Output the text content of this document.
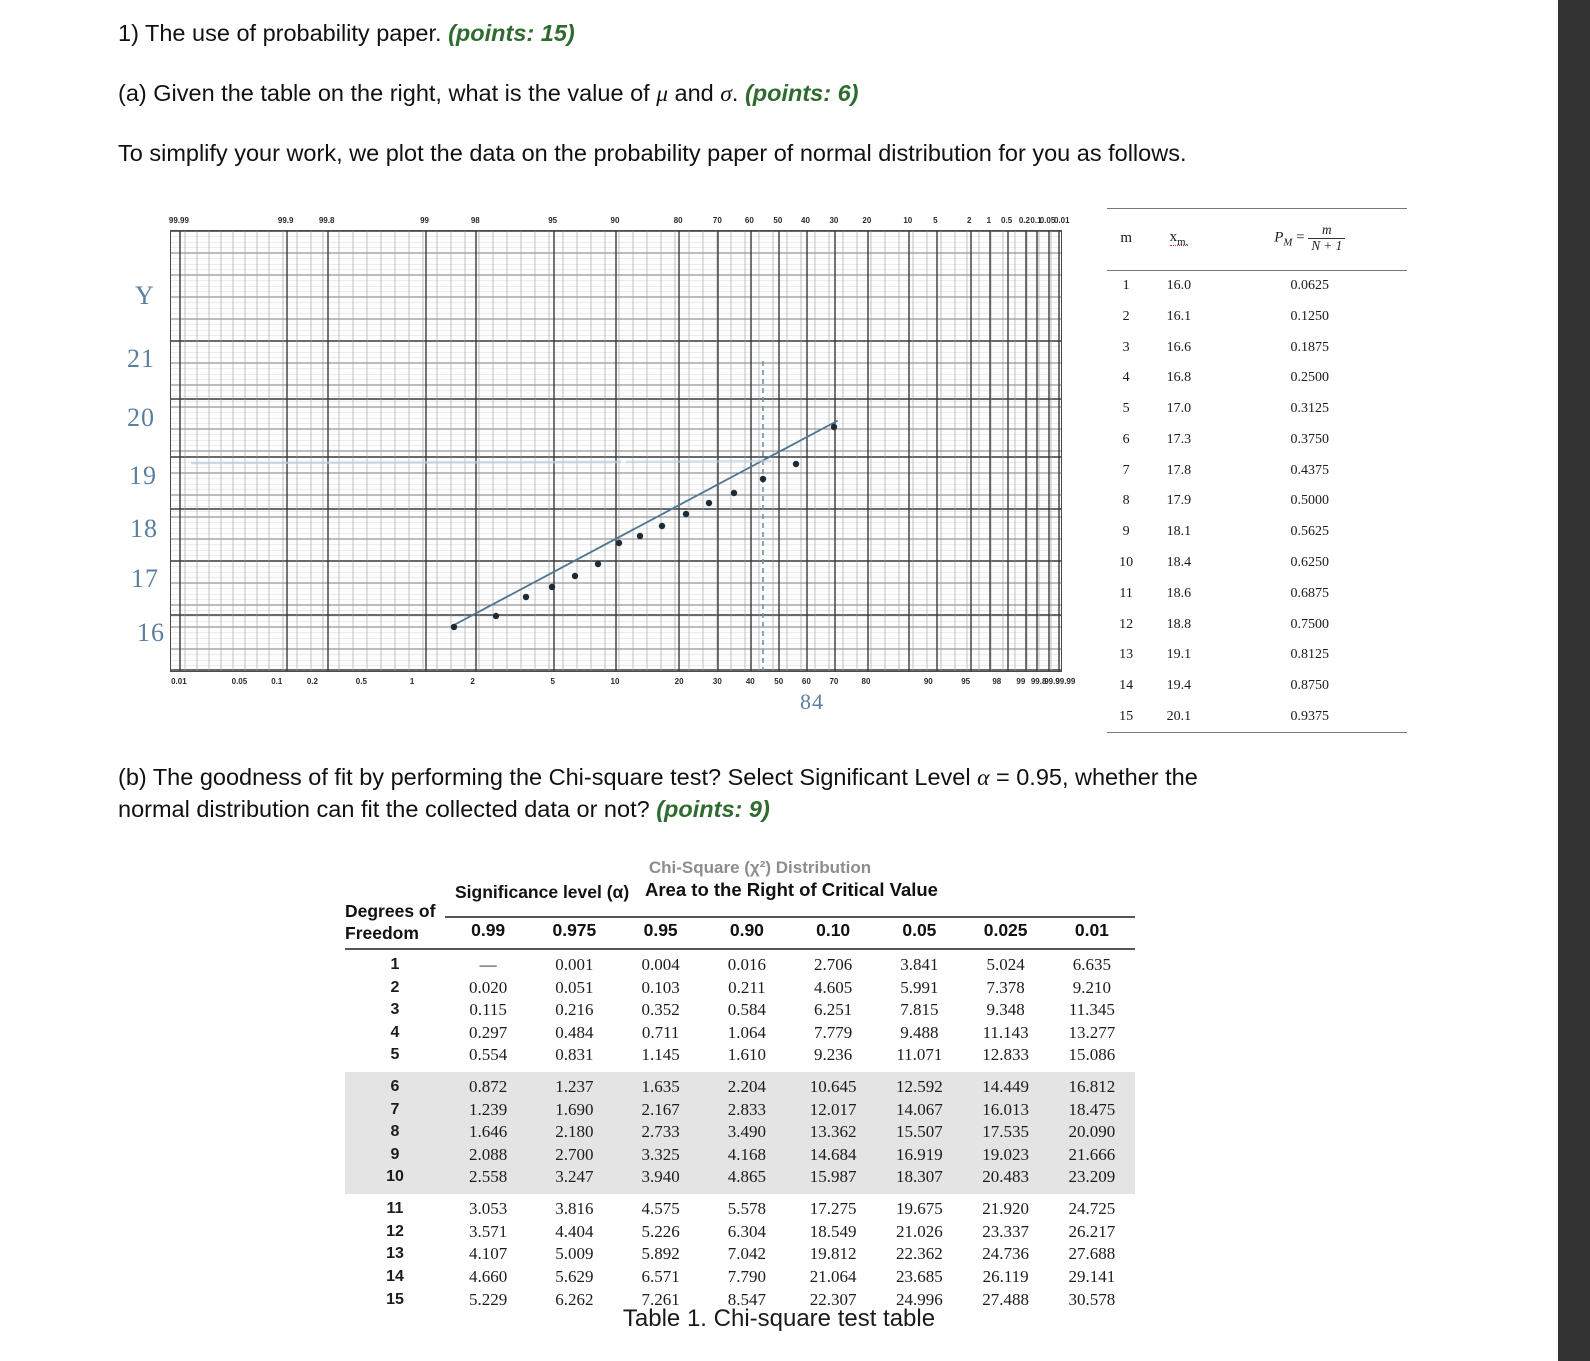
1) The use of probability paper. (points: 15)
(a) Given the table on the right, what is the value of μ and σ. (points: 6)
To simplify your work, we plot the data on the probability paper of normal distribution for you as follows.
Y
21
20
19
18
17
16
99.99	99.9	99.8	99	98	95	90	80	70	60 50 40 30	20	10	5	2 1 0.5 0.2 0.1
0.05
0.01
0.01	0.05	0.1	0.2	0.5	1	2	5	10	20	30	40 50 60 70	80	90	95	98 99 99.8
99.9
99.99
84
m	$x_{m.}$	$P_M = \frac{m}{N + 1}$

1	16.0	0.0625
2	16.1	0.1250
3	16.6	0.1875
4	16.8	0.2500
5	17.0	0.3125
6	17.3	0.3750
7	17.8	0.4375
8	17.9	0.5000
9	18.1	0.5625
10	18.4	0.6250
11	18.6	0.6875
12	18.8	0.7500
13	19.1	0.8125
14	19.4	0.8750
15	20.1	0.9375
(b) The goodness of fit by performing the Chi-square test? Select Significant Level α = 0.95, whether the
normal distribution can fit the collected data or not? (points: 9)
Chi-Square (χ²) Distribution
Degrees of
Freedom
Significance level (α) Area to the Right of Critical Value
0.99	0.975	0.95	0.90	0.10	0.05	0.025	0.01
1	—	0.001	0.004	0.016	2.706	3.841	5.024	6.635
2	0.020	0.051	0.103	0.211	4.605	5.991	7.378	9.210
3	0.115	0.216	0.352	0.584	6.251	7.815	9.348	11.345
4	0.297	0.484	0.711	1.064	7.779	9.488	11.143	13.277
5	0.554	0.831	1.145	1.610	9.236	11.071	12.833	15.086
6	0.872	1.237	1.635	2.204	10.645	12.592	14.449	16.812
7	1.239	1.690	2.167	2.833	12.017	14.067	16.013	18.475
8	1.646	2.180	2.733	3.490	13.362	15.507	17.535	20.090
9	2.088	2.700	3.325	4.168	14.684	16.919	19.023	21.666
10	2.558	3.247	3.940	4.865	15.987	18.307	20.483	23.209
11	3.053	3.816	4.575	5.578	17.275	19.675	21.920	24.725
12	3.571	4.404	5.226	6.304	18.549	21.026	23.337	26.217
13	4.107	5.009	5.892	7.042	19.812	22.362	24.736	27.688
14	4.660	5.629	6.571	7.790	21.064	23.685	26.119	29.141
15	5.229	6.262	7.261	8.547	22.307	24.996	27.488	30.578
Table 1. Chi-square test table
